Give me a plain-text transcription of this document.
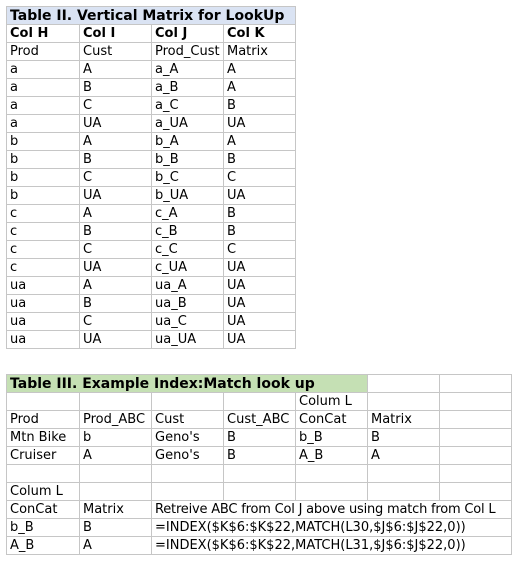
Table II. Vertical Matrix for LookUp			
Col H	Col I	Col J	Col K
Prod	Cust	Prod_Cust	Matrix
a	A	a_A	A
a	B	a_B	A
a	C	a_C	B
a	UA	a_UA	UA
b	A	b_A	A
b	B	b_B	B
b	C	b_C	C
b	UA	b_UA	UA
c	A	c_A	B
c	B	c_B	B
c	C	c_C	C
c	UA	c_UA	UA
ua	A	ua_A	UA
ua	B	ua_B	UA
ua	C	ua_C	UA
ua	UA	ua_UA	UA
Table III. Example Index:Match look up						
				Colum L		
Prod	Prod_ABC	Cust	Cust_ABC	ConCat	Matrix	
Mtn Bike	b	Geno's	B	b_B	B	
Cruiser	A	Geno's	B	A_B	A	

Colum L						
ConCat	Matrix	Retreive ABC from Col J above using match from Col L				
b_B	B	=INDEX($K$6:$K$22,MATCH(L30,$J$6:$J$22,0))				
A_B	A	=INDEX($K$6:$K$22,MATCH(L31,$J$6:$J$22,0))				
